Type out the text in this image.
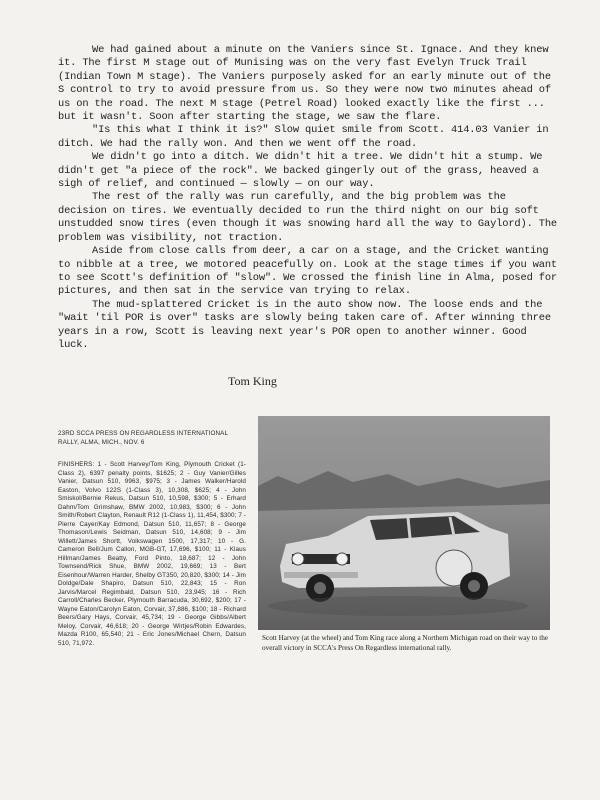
We had gained about a minute on the Vaniers since St. Ignace. And they knew it. The first M stage out of Munising was on the very fast Evelyn Truck Trail (Indian Town M stage). The Vaniers purposely asked for an early minute out of the S control to try to avoid pressure from us. So they were now two minutes ahead of us on the road. The next M stage (Petrel Road) looked exactly like the first ... but it wasn't. Soon after starting the stage, we saw the flare.

"Is this what I think it is?" Slow quiet smile from Scott. 414.03 Vanier in ditch. We had the rally won. And then we went off the road.

We didn't go into a ditch. We didn't hit a tree. We didn't hit a stump. We didn't get "a piece of the rock". We backed gingerly out of the grass, heaved a sigh of relief, and continued — slowly — on our way.

The rest of the rally was run carefully, and the big problem was the decision on tires. We eventually decided to run the third night on our big soft unstudded snow tires (even though it was snowing hard all the way to Gaylord). The problem was visibility, not traction.

Aside from close calls from deer, a car on a stage, and the Cricket wanting to nibble at a tree, we motored peacefully on. Look at the stage times if you want to see Scott's definition of "slow". We crossed the finish line in Alma, posed for pictures, and then sat in the service van trying to relax.

The mud-splattered Cricket is in the auto show now. The loose ends and the "wait 'til POR is over" tasks are slowly being taken care of. After winning three years in a row, Scott is leaving next year's POR open to another winner. Good luck.

Tom King
23RD SCCA PRESS ON REGARDLESS INTERNATIONAL RALLY, ALMA, MICH., NOV. 6
FINISHERS: 1 - Scott Harvey/Tom King, Plymouth Cricket (1-Class 2), 6397 penalty points, $1625; 2 - Guy Vanier/Gilles Vanier, Datsun 510, 9963, $975; 3 - James Walker/Harold Easton, Volvo 122S (1-Class 3), 10,308, $625; 4 - John Smiskol/Bernie Rekus, Datsun 510, 10,598, $300; 5 - Erhard Dahm/Tom Grimshaw, BMW 2002, 10,983, $300; 6 - John Smith/Robert Clayton, Renault R12 (1-Class 1), 11,454, $300; 7 - Pierre Cayer/Kay Edmond, Datsun 510, 11,657; 8 - George Thomason/Lewis Seidman, Datsun 510, 14,608; 9 - Jim Willett/James Shortt, Volkswagen 1500, 17,317; 10 - G. Cameron Bell/Jum Callon, MGB-GT, 17,696, $100; 11 - Klaus Hillman/James Beatty, Ford Pinto, 18,687; 12 - John Townsend/Rick Shue, BMW 2002, 19,669; 13 - Bert Eisenhour/Warren Harder, Shelby GT350, 20,820, $300; 14 - Jim Doldge/Dale Shapiro, Datsun 510, 22,843; 15 - Ron Jarvis/Marcel Regimbald, Datsun 510, 23,945; 16 - Rich Carroll/Charles Becker, Plymouth Barracuda, 30,692, $200; 17 - Wayne Eaton/Carolyn Eaton, Corvair, 37,886, $100; 18 - Richard Beers/Gary Hays, Corvair, 45,734; 19 - George Gibbs/Albert Meloy, Corvair, 46,618; 20 - George Wirtjes/Robin Edwardes, Mazda R100, 65,540; 21 - Eric Jones/Michael Chern, Datsun 510, 71,972.
Scott Harvey (at the wheel) and Tom King race along a Northern Michigan road on their way to the overall victory in SCCA's Press On Regardless international rally.
